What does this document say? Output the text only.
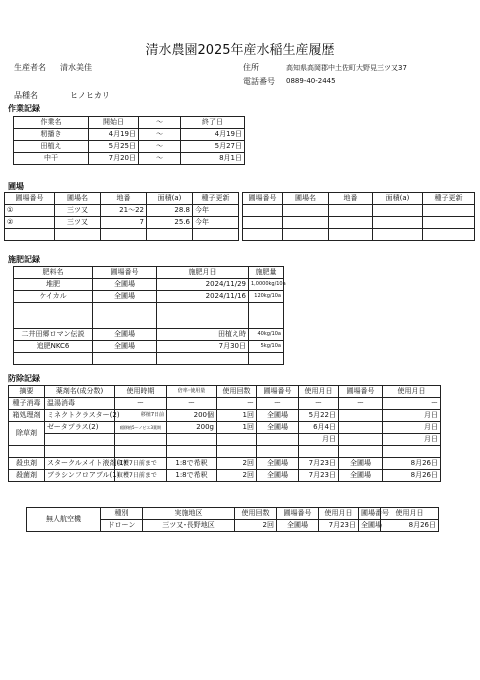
清水農園2025年産水稲生産履歴
生産者名 清水美佳	住所	高知県高岡郡中土佐町大野見三ツ又37
電話番号 0889-40-2445
品種名	ヒノヒカリ
作業記録
作業名	開始日	～	終了日
籾播き	4月19日	～	4月19日
田植え	5月25日	～	5月27日
中干	7月20日	～	8月1日
圃場
圃場番号	圃場名	地番	面積(a)	種子更新
①	三ツ又	21～22	28.8	今年
②	三ツ又	7	25.6	今年

圃場番号	圃場名	地番	面積(a)	種子更新

施肥記録
肥料名	圃場番号	施肥月日	施肥量
堆肥	全圃場	2024/11/29	1,0000kg/10a
ケイカル	全圃場	2024/11/16	120kg/10a

二井田郷ロマン伝説	全圃場	田植え時	40kg/10a
追肥NKC6	全圃場	7月30日	5kg/10a

防除記録
摘要	薬剤名(成分数)	使用時期	倍率･使用量	使用回数	圃場番号	使用月日	圃場番号	使用月日
種子消毒	温湯消毒	ー	ー	ー	ー	ー	ー	ー
箱処理剤	ミネクトクラスター(2)	移植7日前	200個	1回	全圃場	5月22日		月日
除草剤	ゼータプラス(2)	稲移植5〜ノビエ3葉期	200g	1回	全圃場	6月4日		月日
						月日		月日

殺虫剤	スタークルメイト液剤(1)	収穫7日前まで	1:8で希釈	2回	全圃場	7月23日	全圃場	8月26日
殺菌剤	ブラシンフロアブル(1)	収穫7日前まで	1:8で希釈	2回	全圃場	7月23日	全圃場	8月26日
無人航空機	種別	実施地区	使用回数	圃場番号	使用月日	圃場番号	使用月日
	ドローン	三ツ又･長野地区	2回	全圃場	7月23日	全圃場	8月26日
